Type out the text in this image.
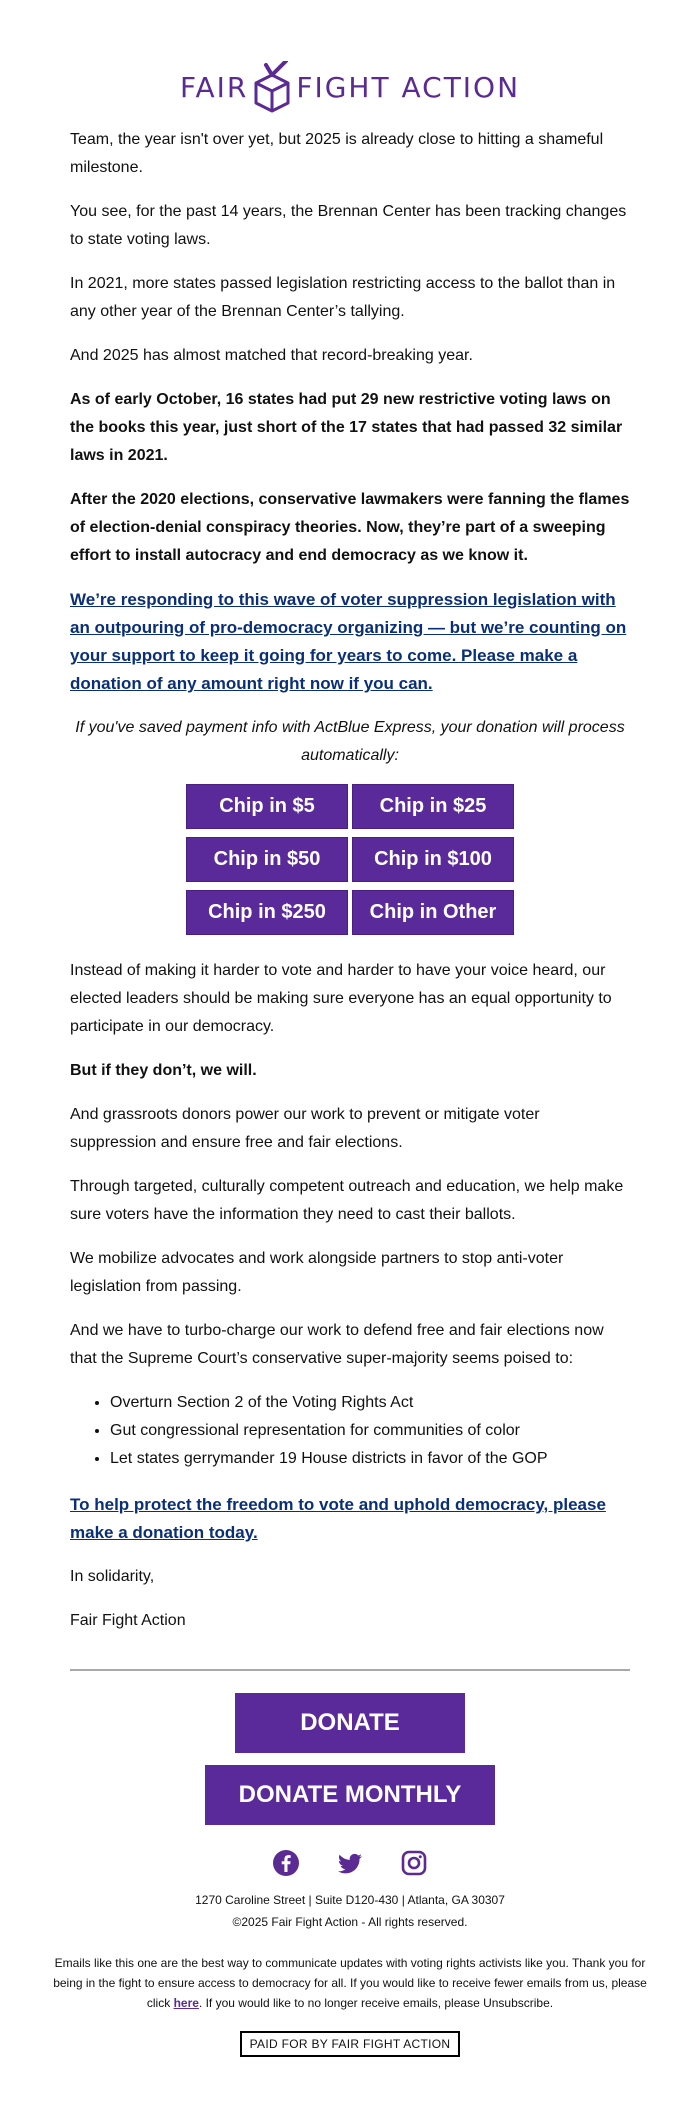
FAIR FIGHT ACTION

Team, the year isn't over yet, but 2025 is already close to hitting a shameful milestone.

You see, for the past 14 years, the Brennan Center has been tracking changes to state voting laws.

In 2021, more states passed legislation restricting access to the ballot than in any other year of the Brennan Center’s tallying.

And 2025 has almost matched that record-breaking year.

As of early October, 16 states had put 29 new restrictive voting laws on the books this year, just short of the 17 states that had passed 32 similar laws in 2021.

After the 2020 elections, conservative lawmakers were fanning the flames of election-denial conspiracy theories. Now, they’re part of a sweeping effort to install autocracy and end democracy as we know it.

We’re responding to this wave of voter suppression legislation with an outpouring of pro-democracy organizing — but we’re counting on your support to keep it going for years to come. Please make a donation of any amount right now if you can.

If you've saved payment info with ActBlue Express, your donation will process automatically:

Chip in $5	Chip in $25
Chip in $50	Chip in $100
Chip in $250	Chip in Other

Instead of making it harder to vote and harder to have your voice heard, our elected leaders should be making sure everyone has an equal opportunity to participate in our democracy.

But if they don’t, we will.

And grassroots donors power our work to prevent or mitigate voter suppression and ensure free and fair elections.

Through targeted, culturally competent outreach and education, we help make sure voters have the information they need to cast their ballots.

We mobilize advocates and work alongside partners to stop anti-voter legislation from passing.

And we have to turbo-charge our work to defend free and fair elections now that the Supreme Court’s conservative super-majority seems poised to:

• Overturn Section 2 of the Voting Rights Act
• Gut congressional representation for communities of color
• Let states gerrymander 19 House districts in favor of the GOP
To help protect the freedom to vote and uphold democracy, please make a donation today.

In solidarity,

Fair Fight Action

DONATE
DONATE MONTHLY
1270 Caroline Street | Suite D120-430 | Atlanta, GA 30307
©2025 Fair Fight Action - All rights reserved.
Emails like this one are the best way to communicate updates with voting rights activists like you. Thank you for being in the fight to ensure access to democracy for all. If you would like to receive fewer emails from us, please click here. If you would like to no longer receive emails, please Unsubscribe.
PAID FOR BY FAIR FIGHT ACTION
